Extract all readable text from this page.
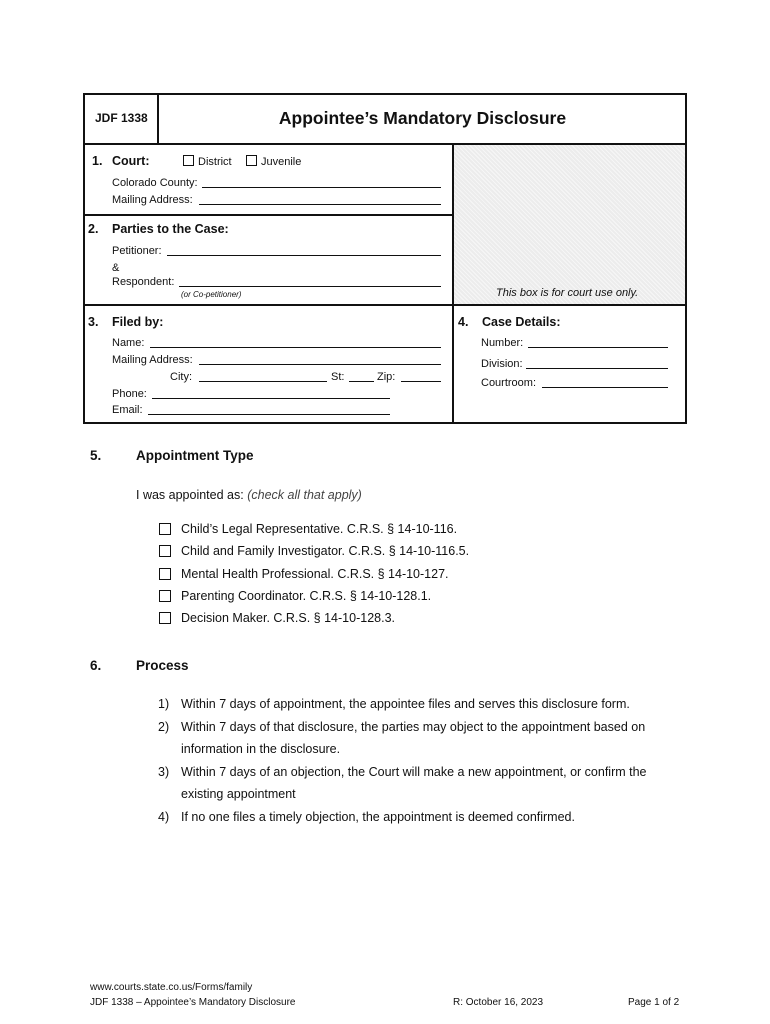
JDF 1338	Appointee’s Mandatory Disclosure
This box is for court use only.
1. Court:	District	Juvenile
Colorado County:
Mailing Address:
2. Parties to the Case:
Petitioner:
&
Respondent:
(or Co-petitioner)
3. Filed by:
Name:
Mailing Address:
City:	St:	Zip:
Phone:
Email:
4. Case Details:
Number:
Division:
Courtroom:
5.	Appointment Type
I was appointed as: (check all that apply)
Child’s Legal Representative. C.R.S. § 14-10-116.
Child and Family Investigator. C.R.S. § 14-10-116.5.
Mental Health Professional. C.R.S. § 14-10-127.
Parenting Coordinator. C.R.S. § 14-10-128.1.
Decision Maker. C.R.S. § 14-10-128.3.
6.	Process
1) Within 7 days of appointment, the appointee files and serves this disclosure form.
2) Within 7 days of that disclosure, the parties may object to the appointment based on
information in the disclosure.
3) Within 7 days of an objection, the Court will make a new appointment, or confirm the
existing appointment
4) If no one files a timely objection, the appointment is deemed confirmed.
www.courts.state.co.us/Forms/family
JDF 1338 – Appointee’s Mandatory Disclosure	R: October 16, 2023	Page 1 of 2
